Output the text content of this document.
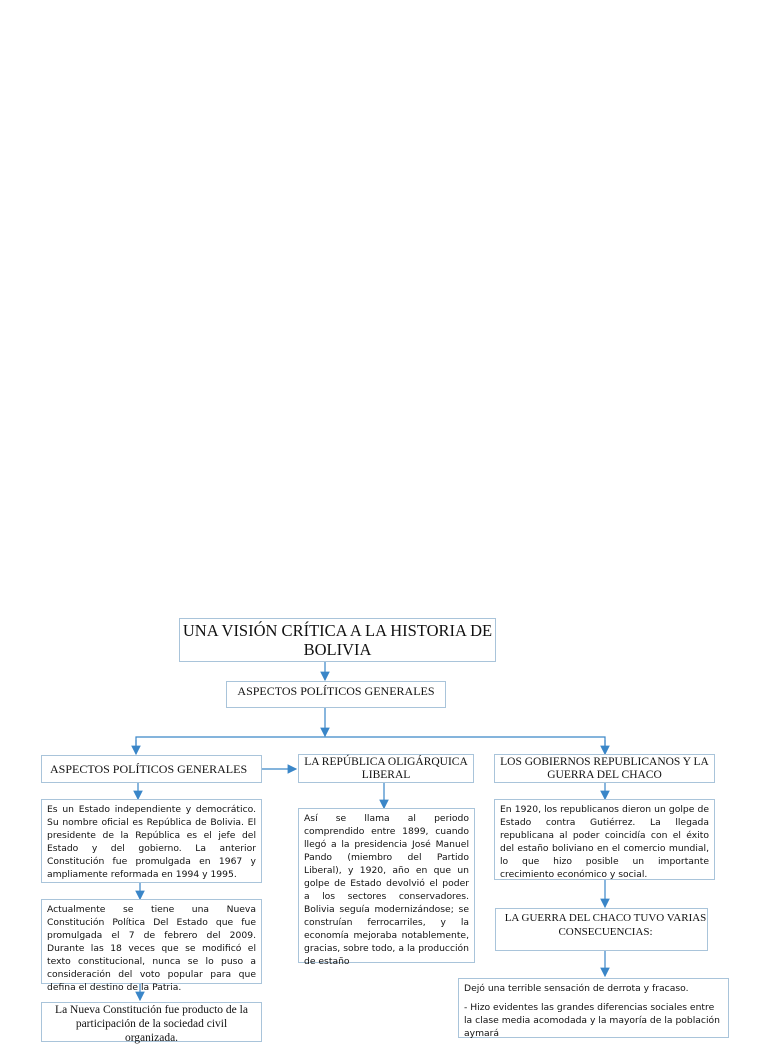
UNA VISIÓN CRÍTICA A LA HISTORIA DE BOLIVIA
ASPECTOS POLÍTICOS GENERALES
ASPECTOS POLÍTICOS GENERALES	LA REPÚBLICA OLIGÁRQUICA LIBERAL
LOS GOBIERNOS REPUBLICANOS Y LA GUERRA DEL CHACO
Es un Estado independiente y democrático. Su nombre oficial es República de Bolivia. El presidente de la República es el jefe del Estado y del gobierno. La anterior Constitución fue promulgada en 1967 y ampliamente reformada en 1994 y 1995.
Actualmente se tiene una Nueva Constitución Política Del Estado que fue promulgada el 7 de febrero del 2009. Durante las 18 veces que se modificó el texto constitucional, nunca se lo puso a consideración del voto popular para que defina el destino de la Patria.
La Nueva Constitución fue producto de la participación de la sociedad civil organizada.
Así se llama al periodo comprendido entre 1899, cuando llegó a la presidencia José Manuel Pando (miembro del Partido Liberal), y 1920, año en que un golpe de Estado devolvió el poder a los sectores conservadores. Bolivia seguía modernizándose; se construían ferrocarriles, y la economía mejoraba notablemente, gracias, sobre todo, a la producción de estaño
En 1920, los republicanos dieron un golpe de Estado contra Gutiérrez. La llegada republicana al poder coincidía con el éxito del estaño boliviano en el comercio mundial, lo que hizo posible un importante crecimiento económico y social.
LA GUERRA DEL CHACO TUVO VARIAS CONSECUENCIAS:

Dejó una terrible sensación de derrota y fracaso.

- Hizo evidentes las grandes diferencias sociales entre la clase media acomodada y la mayoría de la población aymará
